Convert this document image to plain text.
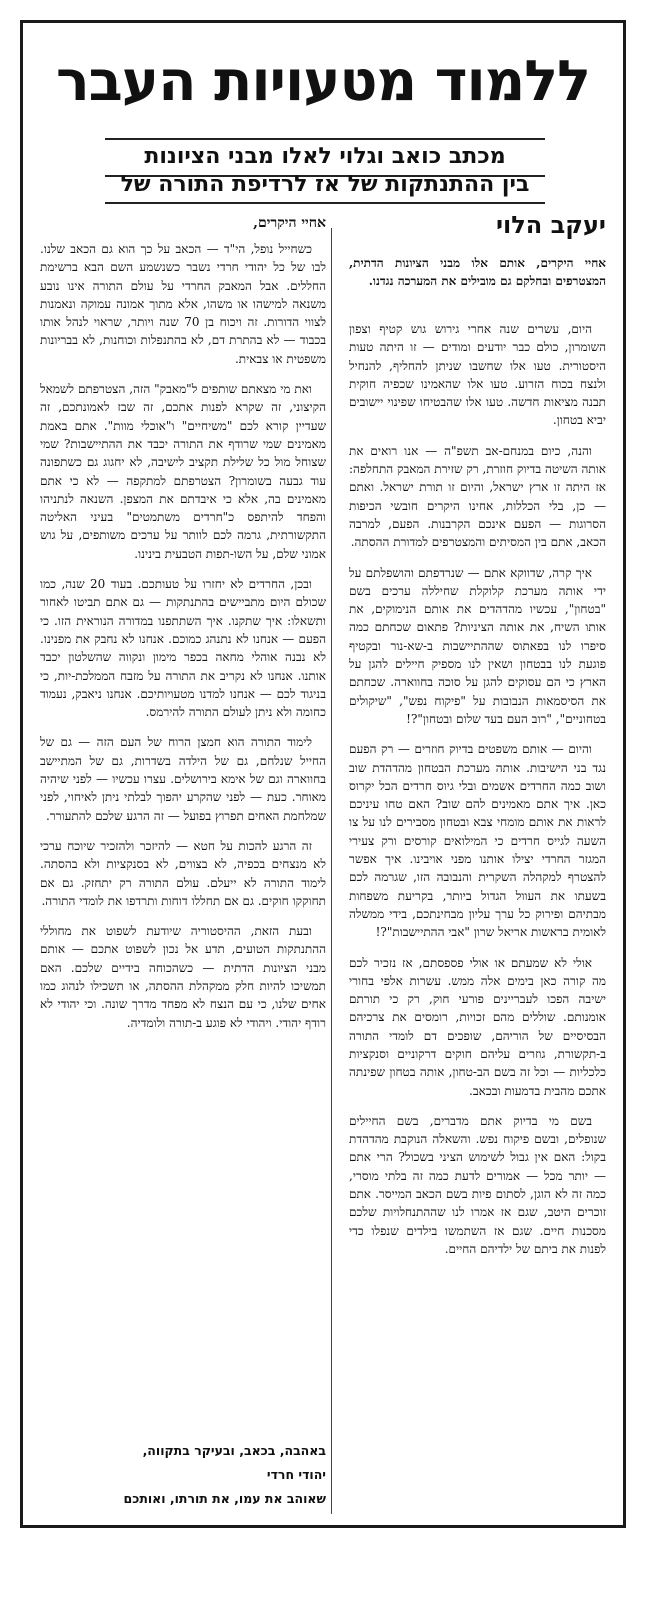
ללמוד מטעויות העבר
מכתב כואב וגלוי לאלו מבני הציונות
בין ההתנתקות של אז לרדיפת התורה של
יעקב הלוי
אחיי היקרים, אותם אלו מבני הציונות הדתית, המצטרפים ובחלקם גם מובילים את המערכה נגדנו.

היום, עשרים שנה אחרי גירוש גוש קטיף וצפון השומרון, כולם כבר יודעים ומודים — זו היתה טעות היסטורית. טעו אלו שחשבו שניתן להחליף, להנחיל ולנצח בכוח הזרוע. טעו אלו שהאמינו שכפיה חוקית תבנה מציאות חדשה. טעו אלו שהבטיחו שפינוי יישובים יביא בטחון.

והנה, כיום במנחם-אב תשפ"ה — אנו רואים את אותה השיטה בדיוק חוזרת, רק שזירת המאבק התחלפה: אז היתה זו ארץ ישראל, והיום זו תורת ישראל. ואתם — כן, בלי הכללות, אחינו היקרים חובשי הכיפות הסרוגות — הפעם אינכם הקרבנות. הפעם, למרבה הכאב, אתם בין המסיתים והמצטרפים למדורת ההסתה.

איך קרה, שדווקא אתם — שנרדפתם והושפלתם על ידי אותה מערכת קלוקלת שחיללה ערכים בשם "בטחון", עכשיו מהדהדים את אותם הנימוקים, את אותו השיח, את אותה הציניות? פתאום שכחתם כמה סיפרו לנו בפאתוס שההתיישבות ב-שא-נור ובקטיף פוגעת לנו בבטחון ושאין לנו מספיק חיילים להגן על הארץ כי הם עסוקים להגן על סוכה בחווארה. שכחתם את הסיסמאות הנבובות על "פיקוח נפש", "שיקולים בטחוניים", "רוב העם בעד שלום ובטחון"?!

והיום — אותם משפטים בדיוק חוזרים — רק הפעם נגד בני הישיבות. אותה מערכת הבטחון מהדהדת שוב ושוב כמה החרדים אשמים ובלי גיוס חרדים הכל יקרוס כאן. איך אתם מאמינים להם שוב? האם טחו עיניכם לראות את אותם מומחי צבא ובטחון מסבירים לנו על צו השעה לגייס חרדים כי המילואים קורסים ורק צעירי המגזר החרדי יצילו אותנו מפני אויבינו. איך אפשר להצטרף למקהלה השקרית והנבובה הזו, שגרמה לכם בשעתו את העוול הגדול ביותר, בקריעת משפחות מבתיהם ופירוק כל ערך עליון מבחינתכם, בידי ממשלה לאומית בראשות אריאל שרון "אבי ההתיישבות"?!

אולי לא שמעתם או אולי פספסתם, אז נזכיר לכם מה קורה כאן בימים אלה ממש. עשרות אלפי בחורי ישיבה הפכו לעבריינים פורעי חוק, רק כי תורתם אומנותם. שוללים מהם זכויות, רומסים את צרכיהם הבסיסיים של הוריהם, שופכים דם לומדי התורה ב-תקשורת, גוזרים עליהם חוקים דרקוניים וסנקציות כלכליות — וכל זה בשם הב-טחון, אותה בטחון שפינתה אתכם מהבית בדמעות ובכאב.

בשם מי בדיוק אתם מדברים, בשם החיילים שנופלים, ובשם פיקוח נפש. והשאלה הנוקבת מהדהדת בקול: האם אין גבול לשימוש הציני בשכול? הרי אתם — יותר מכל — אמורים לדעת כמה זה בלתי מוסרי, כמה זה לא הוגן, לסתום פיות בשם הכאב המייסר. אתם זוכרים היטב, שגם אז אמרו לנו שההתנחלויות שלכם מסכנות חיים. שגם אז השתמשו בילדים שנפלו כדי לפנות את ביתם של ילדיהם החיים.

אחיי היקרים,

כשחייל נופל, הי"ד — הכאב על כך הוא גם הכאב שלנו. לבו של כל יהודי חרדי נשבר כשנשמע השם הבא ברשימת החללים. אבל המאבק החרדי על עולם התורה אינו נובע משנאה למישהו או משהו, אלא מתוך אמונה עמוקה ונאמנות לצווי הדורות. זה ויכוח בן 70 שנה ויותר, שראוי לנהל אותו בכבוד — לא בהתרת דם, לא בהתנפלות וכוחנות, לא בבריונות משפטית או צבאית.

ואת מי מצאתם שותפים ל"מאבק" הזה, הצטרפתם לשמאל הקיצוני, זה שקרא לפנות אתכם, זה שבז לאמונתכם, זה שעדיין קורא לכם "משיחיים" ו"אוכלי מוות". אתם באמת מאמינים שמי שרודף את התורה יכבד את ההתיישבות? שמי שצוחל מול כל שלילת תקציב לישיבה, לא יחגוג גם כשתפונה עוד גבעה בשומרון? הצטרפתם למתקפה — לא כי אתם מאמינים בה, אלא כי איבדתם את המצפן. השנאה לנתניהו והפחד להיתפס כ"חרדים משתמטים" בעיני האליטה התקשורתית, גרמה לכם לוותר על ערכים משותפים, על גוש אמוני שלם, על השו-תפות הטבעית בינינו.

ובכן, החרדים לא יחזרו על טעותכם. בעוד 20 שנה, כמו שכולם היום מתביישים בהתנתקות — גם אתם תביטו לאחור ותשאלו: איך שתקנו. איך השתתפנו במדורה הנוראית הזו. כי הפעם — אנחנו לא נתנהג כמוכם. אנחנו לא נחבק את מפנינו. לא נבנה אוהלי מחאה בכפר מימון ונקווה שהשלטון יכבד אותנו. אנחנו לא נקריב את התורה על מזבח הממלכת-יות, כי בניגוד לכם — אנחנו למדנו מטעויותיכם. אנחנו ניאבק, נעמוד כחומה ולא ניתן לעולם התורה להירמס.

לימוד התורה הוא חמצן הרוח של העם הזה — גם של החייל שנלחם, גם של הילדה בשדרות, גם של המתיישב בחווארה וגם של אימא בירושלים. עצרו עכשיו — לפני שיהיה מאוחר. כעת — לפני שהקרע יהפוך לבלתי ניתן לאיחוי, לפני שמלחמת האחים תפרוץ בפועל — זה הרגע שלכם להתעורר.

זה הרגע להכות על חטא — להיזכר ולהזכיר שיוכח ערכי לא מנצחים בכפיה, לא בצווים, לא בסנקציות ולא בהסתה. לימוד התורה לא ייעלם. עולם התורה רק יתחזק. גם אם תחוקקו חוקים. גם אם תחללו דוחות ותרדפו את לומדי התורה.

ובעת הזאת, ההיסטוריה שיודעת לשפוט את מחוללי ההתנתקות הטועים, תדע אל נכון לשפוט אתכם — אותם מבני הציונות הדתית — כשהכוחה בידיים שלכם. האם תמשיכו להיות חלק ממקהלת ההסתה, או תשכילו לנהוג כמו אחים שלנו, כי עם הנצח לא מפחד מדרך שונה. וכי יהודי לא רודף יהודי. ויהודי לא פוגע ב-תורה ולומדיה.

באהבה, בכאב, ובעיקר בתקווה,
יהודי חרדי
שאוהב את עמו, את תורתו, ואותכם
